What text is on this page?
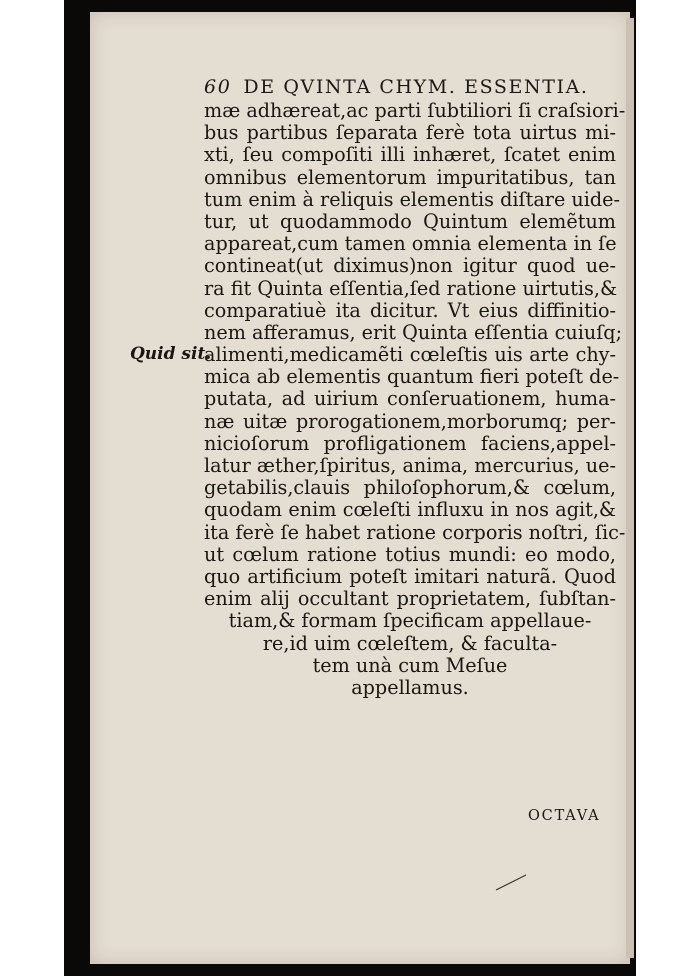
60 DE QVINTA CHYM. ESSENTIA.
Quid sit.
mæ adhæreat,ac parti ſubtiliori ſi craſsiori-
bus partibus ſeparata ferè tota uirtus mi-
xti, ſeu compoſiti illi inhæret, ſcatet enim
omnibus elementorum impuritatibus, tan
tum enim à reliquis elementis diſtare uide-
tur, ut quodammodo Quintum elemẽtum
appareat,cum tamen omnia elementa in ſe
contineat(ut diximus)non igitur quod ue-
ra fit Quinta eſſentia,ſed ratione uirtutis,&
comparatiuè ita dicitur. Vt eius diffinitio-
nem afferamus, erit Quinta eſſentia cuiuſq;
alimenti,medicamẽti cœleſtis uis arte chy-
mica ab elementis quantum fieri poteſt de-
putata, ad uirium conſeruationem, huma-
næ uitæ prorogationem,morborumq; per-
nicioſorum profligationem faciens,appel-
latur æther,ſpiritus, anima, mercurius, ue-
getabilis,clauis philoſophorum,& cœlum,
quodam enim cœleſti influxu in nos agit,&
ita ferè ſe habet ratione corporis noſtri, ſic-
ut cœlum ratione totius mundi: eo modo,
quo artificium poteſt imitari naturã. Quod
enim alij occultant proprietatem, ſubſtan-
tiam,& formam ſpecificam appellaue-
re,id uim cœleſtem, & faculta-
tem unà cum Meſue
appellamus.
OCTAVA
